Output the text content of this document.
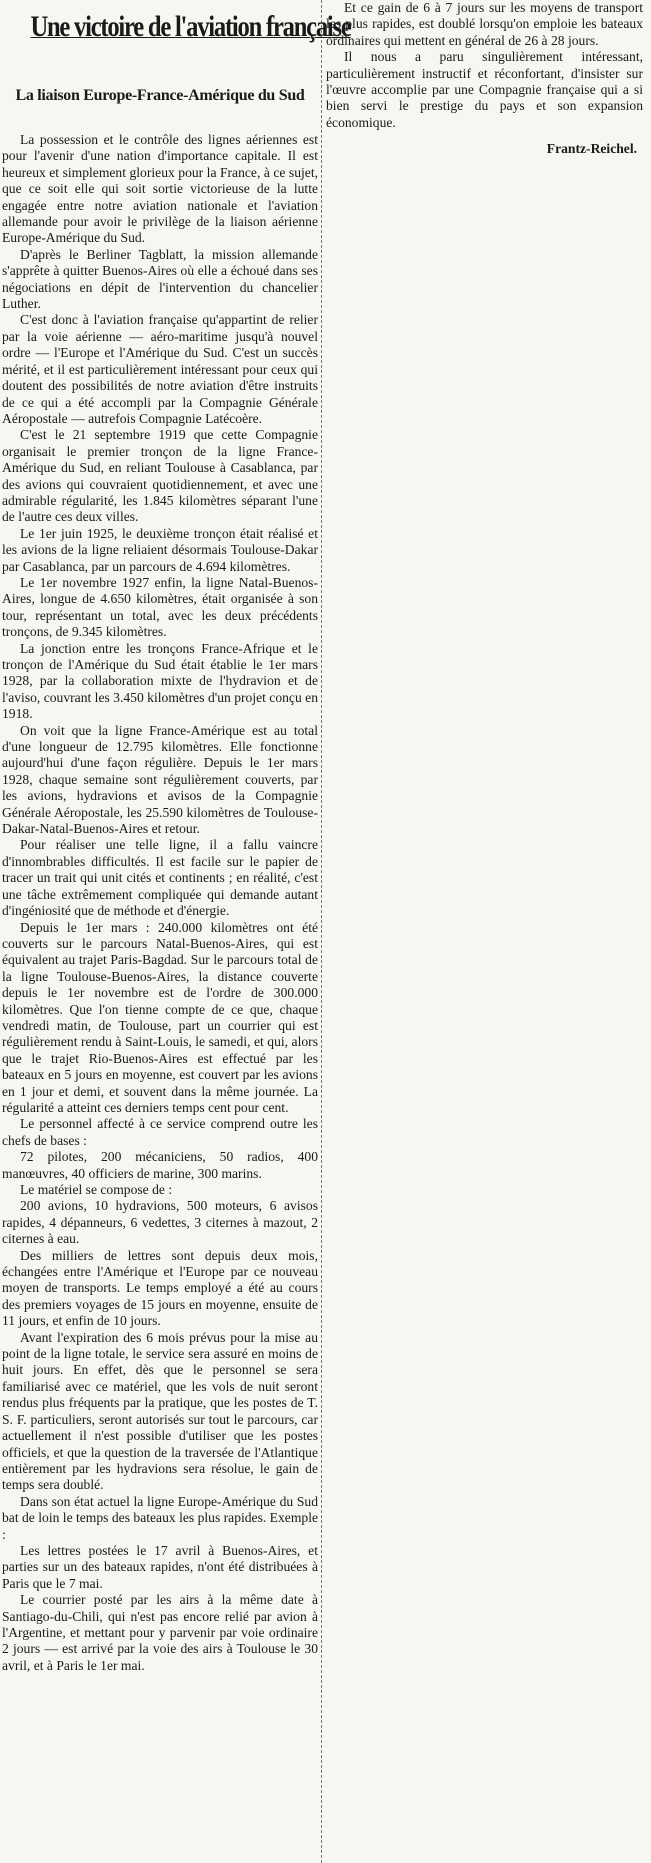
Une victoire de l'aviation française
La liaison Europe-France-Amérique du Sud

La possession et le contrôle des lignes aériennes est pour l'avenir d'une nation d'importance capitale. Il est heureux et simplement glorieux pour la France, à ce sujet, que ce soit elle qui soit sortie victorieuse de la lutte engagée entre notre aviation nationale et l'aviation allemande pour avoir le privilège de la liaison aérienne Europe-Amérique du Sud.

D'après le Berliner Tagblatt, la mission allemande s'apprête à quitter Buenos-Aires où elle a échoué dans ses négociations en dépit de l'intervention du chancelier Luther.

C'est donc à l'aviation française qu'appartint de relier par la voie aérienne — aéro-maritime jusqu'à nouvel ordre — l'Europe et l'Amérique du Sud. C'est un succès mérité, et il est particulièrement intéressant pour ceux qui doutent des possibilités de notre aviation d'être instruits de ce qui a été accompli par la Compagnie Générale Aéropostale — autrefois Compagnie Latécoère.

C'est le 21 septembre 1919 que cette Compagnie organisait le premier tronçon de la ligne France-Amérique du Sud, en reliant Toulouse à Casablanca, par des avions qui couvraient quotidiennement, et avec une admirable régularité, les 1.845 kilomètres séparant l'une de l'autre ces deux villes.

Le 1er juin 1925, le deuxième tronçon était réalisé et les avions de la ligne reliaient désormais Toulouse-Dakar par Casablanca, par un parcours de 4.694 kilomètres.

Le 1er novembre 1927 enfin, la ligne Natal-Buenos-Aires, longue de 4.650 kilomètres, était organisée à son tour, représentant un total, avec les deux précédents tronçons, de 9.345 kilomètres.

La jonction entre les tronçons France-Afrique et le tronçon de l'Amérique du Sud était établie le 1er mars 1928, par la collaboration mixte de l'hydravion et de l'aviso, couvrant les 3.450 kilomètres d'un projet conçu en 1918.

On voit que la ligne France-Amérique est au total d'une longueur de 12.795 kilomètres. Elle fonctionne aujourd'hui d'une façon régulière. Depuis le 1er mars 1928, chaque semaine sont régulièrement couverts, par les avions, hydravions et avisos de la Compagnie Générale Aéropostale, les 25.590 kilomètres de Toulouse-Dakar-Natal-Buenos-Aires et retour.

Pour réaliser une telle ligne, il a fallu vaincre d'innombrables difficultés. Il est facile sur le papier de tracer un trait qui unit cités et continents ; en réalité, c'est une tâche extrêmement compliquée qui demande autant d'ingéniosité que de méthode et d'énergie.

Depuis le 1er mars : 240.000 kilomètres ont été couverts sur le parcours Natal-Buenos-Aires, qui est équivalent au trajet Paris-Bagdad. Sur le parcours total de la ligne Toulouse-Buenos-Aires, la distance couverte depuis le 1er novembre est de l'ordre de 300.000 kilomètres. Que l'on tienne compte de ce que, chaque vendredi matin, de Toulouse, part un courrier qui est régulièrement rendu à Saint-Louis, le samedi, et qui, alors que le trajet Rio-Buenos-Aires est effectué par les bateaux en 5 jours en moyenne, est couvert par les avions en 1 jour et demi, et souvent dans la même journée. La régularité a atteint ces derniers temps cent pour cent.

Le personnel affecté à ce service comprend outre les chefs de bases :

72 pilotes, 200 mécaniciens, 50 radios, 400 manœuvres, 40 officiers de marine, 300 marins.

Le matériel se compose de :

200 avions, 10 hydravions, 500 moteurs, 6 avisos rapides, 4 dépanneurs, 6 vedettes, 3 citernes à mazout, 2 citernes à eau.

Des milliers de lettres sont depuis deux mois, échangées entre l'Amérique et l'Europe par ce nouveau moyen de transports. Le temps employé a été au cours des premiers voyages de 15 jours en moyenne, ensuite de 11 jours, et enfin de 10 jours.

Avant l'expiration des 6 mois prévus pour la mise au point de la ligne totale, le service sera assuré en moins de huit jours. En effet, dès que le personnel se sera familiarisé avec ce matériel, que les vols de nuit seront rendus plus fréquents par la pratique, que les postes de T. S. F. particuliers, seront autorisés sur tout le parcours, car actuellement il n'est possible d'utiliser que les postes officiels, et que la question de la traversée de l'Atlantique entièrement par les hydravions sera résolue, le gain de temps sera doublé.

Dans son état actuel la ligne Europe-Amérique du Sud bat de loin le temps des bateaux les plus rapides. Exemple :

Les lettres postées le 17 avril à Buenos-Aires, et parties sur un des bateaux rapides, n'ont été distribuées à Paris que le 7 mai.

Le courrier posté par les airs à la même date à Santiago-du-Chili, qui n'est pas encore relié par avion à l'Argentine, et mettant pour y parvenir par voie ordinaire 2 jours — est arrivé par la voie des airs à Toulouse le 30 avril, et à Paris le 1er mai.

Et ce gain de 6 à 7 jours sur les moyens de transport les plus rapides, est doublé lorsqu'on emploie les bateaux ordinaires qui mettent en général de 26 à 28 jours.

Il nous a paru singulièrement intéressant, particulièrement instructif et réconfortant, d'insister sur l'œuvre accomplie par une Compagnie française qui a si bien servi le prestige du pays et son expansion économique.

Frantz-Reichel.
